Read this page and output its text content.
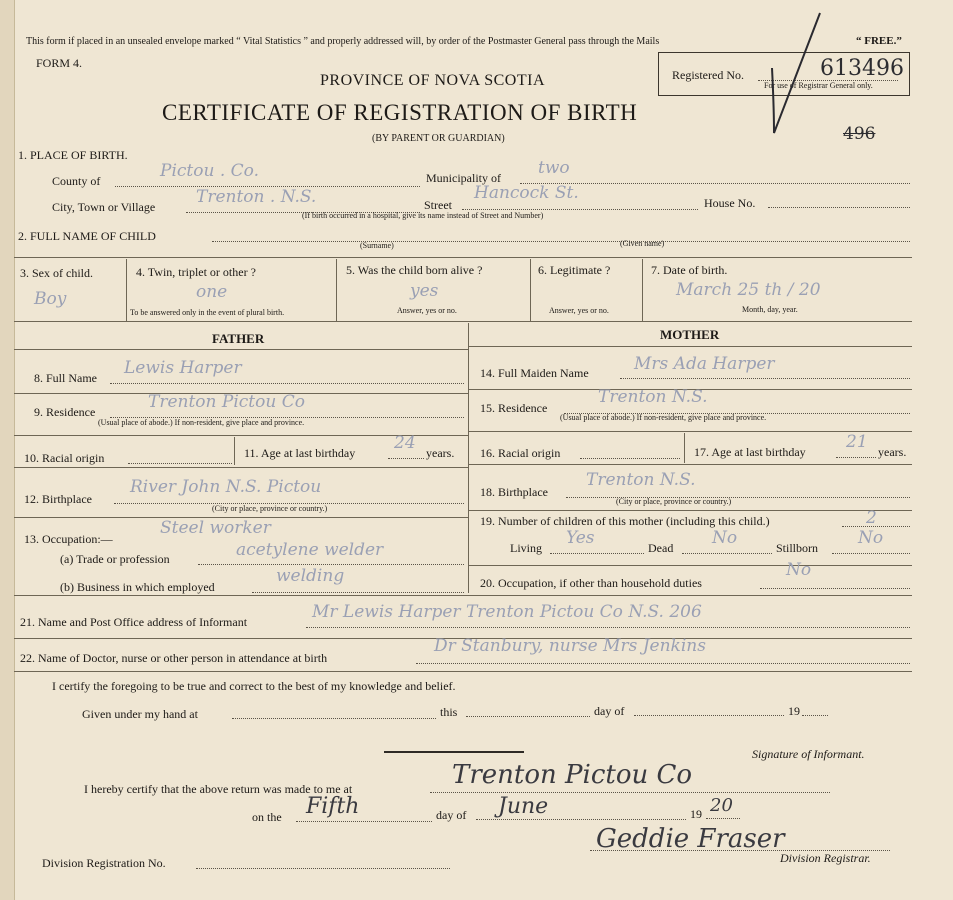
This form if placed in an unsealed envelope marked “ Vital Statistics ” and properly addressed will, by order of the Postmaster General pass through the Mails	“ FREE.”
FORM 4.
PROVINCE OF NOVA SCOTIA
CERTIFICATE OF REGISTRATION OF BIRTH
(BY PARENT OR GUARDIAN)
Registered No.
For use of Registrar General only.
613496
496
1. PLACE OF BIRTH.
County of	Pictou . Co.	Municipality of two
City, Town or Village Trenton . N.S.	Street
Hancock St.	House No.
(If birth occurred in a hospital, give its name instead of Street and Number)
2. FULL NAME OF CHILD
(Surname)	(Given name)
3. Sex of child.
Boy
4. Twin, triplet or other ?
one
To be answered only in the event of plural birth.
5. Was the child born alive ?
yes
Answer, yes or no.
6. Legitimate ?
Answer, yes or no.
7. Date of birth.
March 25 th / 20
Month, day, year.
FATHER	MOTHER
8. Full Name Lewis Harper
9. Residence	Trenton Pictou Co
(Usual place of abode.) If non-resident, give place and province.
10. Racial origin	11. Age at last birthday 24 years.
12. Birthplace
River John N.S. Pictou
(City or place, province or country.)
13. Occupation:—
Steel worker
(a) Trade or profession	acetylene welder
(b) Business in which employed
welding
14. Full Maiden Name	Mrs Ada Harper
15. Residence
Trenton N.S.
(Usual place of abode.) If non-resident, give place and province.
16. Racial origin	17. Age at last birthday 21 years.
18. Birthplace
Trenton N.S.
(City or place, province or country.)
19. Number of children of this mother (including this child.)	2
Living Yes	Dead No	Stillborn No
20. Occupation, if other than household duties
No
21. Name and Post Office address of Informant	Mr Lewis Harper Trenton Pictou Co N.S. 206
22. Name of Doctor, nurse or other person in attendance at birth
Dr Stanbury, nurse Mrs Jenkins
I certify the foregoing to be true and correct to the best of my knowledge and belief.
Given under my hand at	this	day of	19
Signature of Informant.
I hereby certify that the above return was made to me at	Trenton Pictou Co
on the Fifth	day of June	19 20
Geddie Fraser
Division Registrar.
Division Registration No.
